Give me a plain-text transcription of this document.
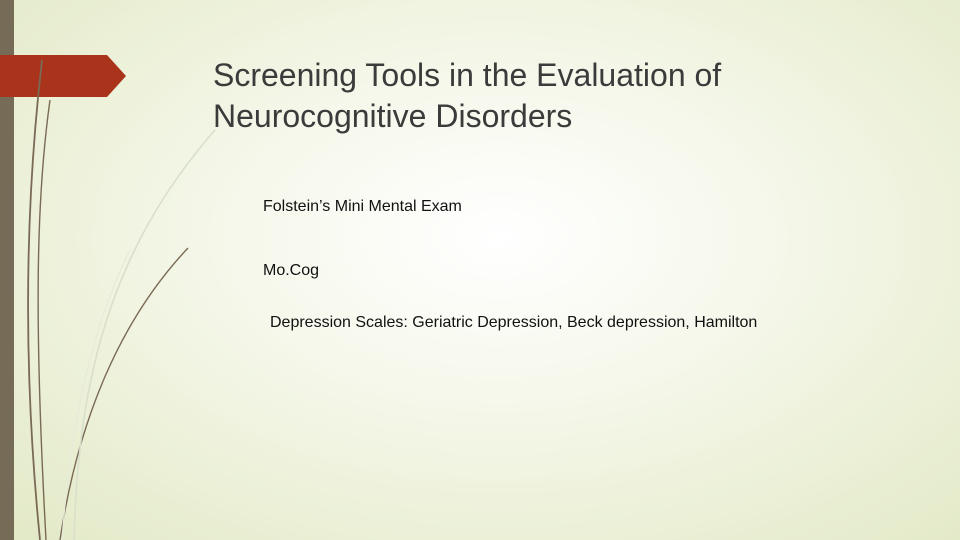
Screening Tools in the Evaluation of
Neurocognitive Disorders
Folstein’s Mini Mental Exam
Mo.Cog
Depression Scales: Geriatric Depression, Beck depression, Hamilton
